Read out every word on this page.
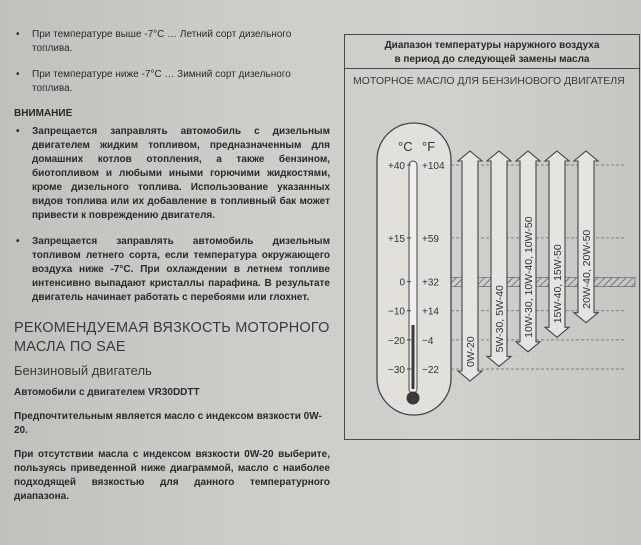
• При температуре выше -7°C … Летний сорт дизельного топлива.
• При температуре ниже -7°C … Зимний сорт дизельного топлива.
ВНИМАНИЕ
• Запрещается заправлять автомобиль с дизельным двигателем жидким топливом, предназначенным для домашних котлов отопления, а также бензином, биотопливом и любыми иными горючими жидкостями, кроме дизельного топлива. Использование указанных видов топлива или их добавление в топливный бак может привести к повреждению двигателя.
• Запрещается заправлять автомобиль дизельным топливом летнего сорта, если температура окружающего воздуха ниже -7°C. При охлаждении в летнем топливе интенсивно выпадают кристаллы парафина. В результате двигатель начинает работать с перебоями или глохнет.
РЕКОМЕНДУЕМАЯ ВЯЗКОСТЬ МОТОРНОГО МАСЛА ПО SAE
Бензиновый двигатель
Автомобили с двигателем VR30DDTT
Предпочтительным является масло с индексом вязкости 0W-20.
При отсутствии масла с индексом вязкости 0W-20 выберите, пользуясь приведенной ниже диаграммой, масло с наиболее подходящей вязкостью для данного температурного диапазона.
Диапазон температуры наружного воздуха
в период до следующей замены масла
МОТОРНОЕ МАСЛО ДЛЯ БЕНЗИНОВОГО ДВИГАТЕЛЯ
°C °F
+40 +104
+15 +59
0 +32
−10 +14
−20 −4
−30 −22
0W-20 5W-30, 5W-40 10W-30, 10W-40, 10W-50 15W-40, 15W-50 20W-40, 20W-50
